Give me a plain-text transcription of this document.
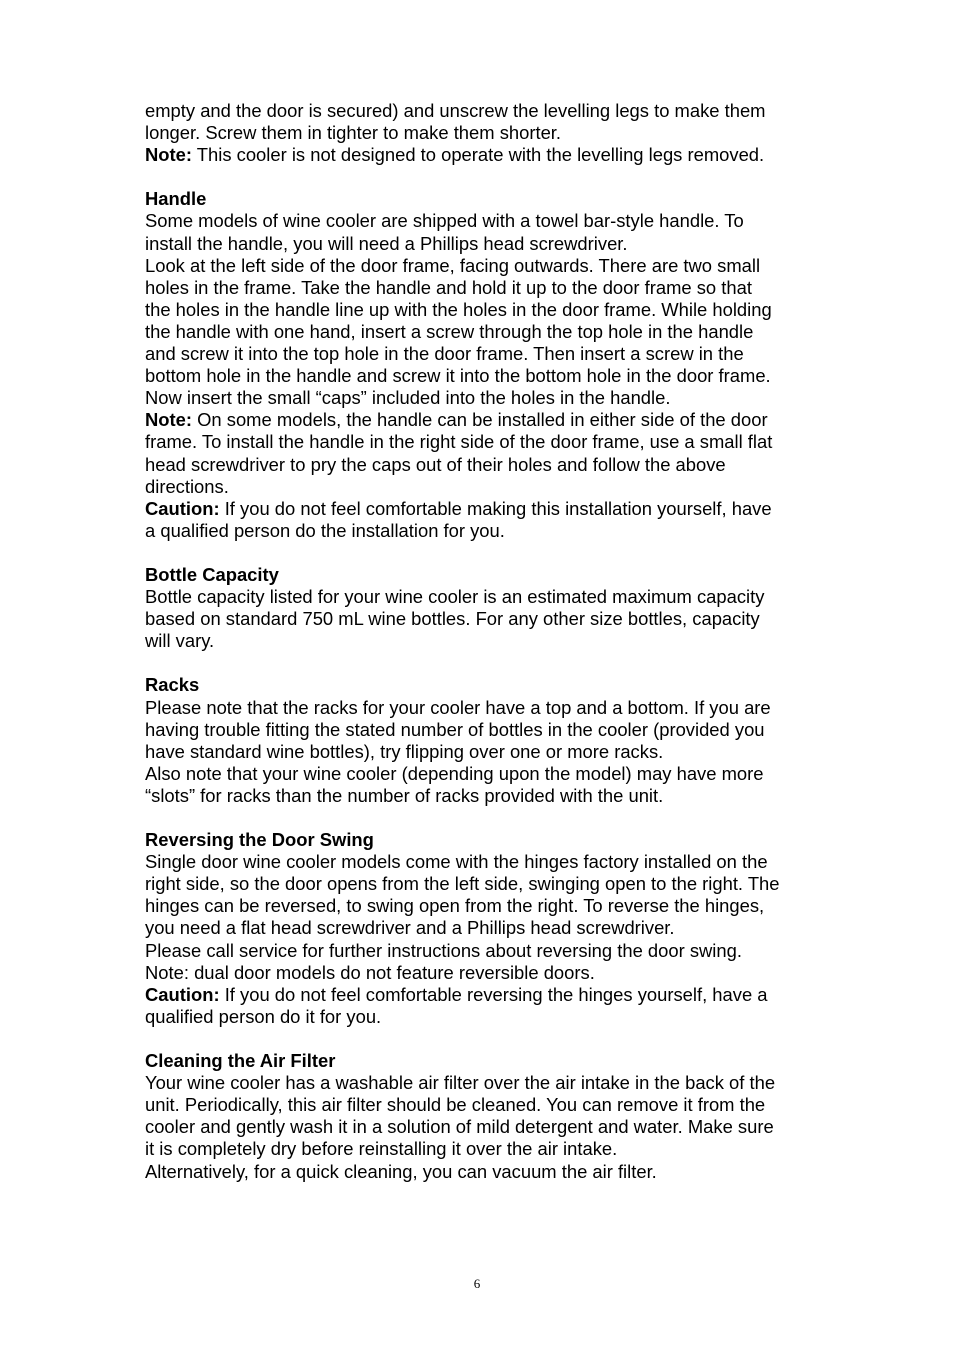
empty and the door is secured) and unscrew the levelling legs to make them

longer. Screw them in tighter to make them shorter.

Note: This cooler is not designed to operate with the levelling legs removed.

Handle

Some models of wine cooler are shipped with a towel bar-style handle. To

install the handle, you will need a Phillips head screwdriver.

Look at the left side of the door frame, facing outwards. There are two small

holes in the frame. Take the handle and hold it up to the door frame so that

the holes in the handle line up with the holes in the door frame. While holding

the handle with one hand, insert a screw through the top hole in the handle

and screw it into the top hole in the door frame. Then insert a screw in the

bottom hole in the handle and screw it into the bottom hole in the door frame.

Now insert the small “caps” included into the holes in the handle.

Note: On some models, the handle can be installed in either side of the door

frame. To install the handle in the right side of the door frame, use a small flat

head screwdriver to pry the caps out of their holes and follow the above

directions.

Caution: If you do not feel comfortable making this installation yourself, have

a qualified person do the installation for you.

Bottle Capacity

Bottle capacity listed for your wine cooler is an estimated maximum capacity

based on standard 750 mL wine bottles. For any other size bottles, capacity

will vary.

Racks

Please note that the racks for your cooler have a top and a bottom. If you are

having trouble fitting the stated number of bottles in the cooler (provided you

have standard wine bottles), try flipping over one or more racks.

Also note that your wine cooler (depending upon the model) may have more

“slots” for racks than the number of racks provided with the unit.

Reversing the Door Swing

Single door wine cooler models come with the hinges factory installed on the

right side, so the door opens from the left side, swinging open to the right. The

hinges can be reversed, to swing open from the right. To reverse the hinges,

you need a flat head screwdriver and a Phillips head screwdriver.

Please call service for further instructions about reversing the door swing.

Note: dual door models do not feature reversible doors.

Caution: If you do not feel comfortable reversing the hinges yourself, have a

qualified person do it for you.

Cleaning the Air Filter

Your wine cooler has a washable air filter over the air intake in the back of the

unit. Periodically, this air filter should be cleaned. You can remove it from the

cooler and gently wash it in a solution of mild detergent and water. Make sure

it is completely dry before reinstalling it over the air intake.

Alternatively, for a quick cleaning, you can vacuum the air filter.

6
